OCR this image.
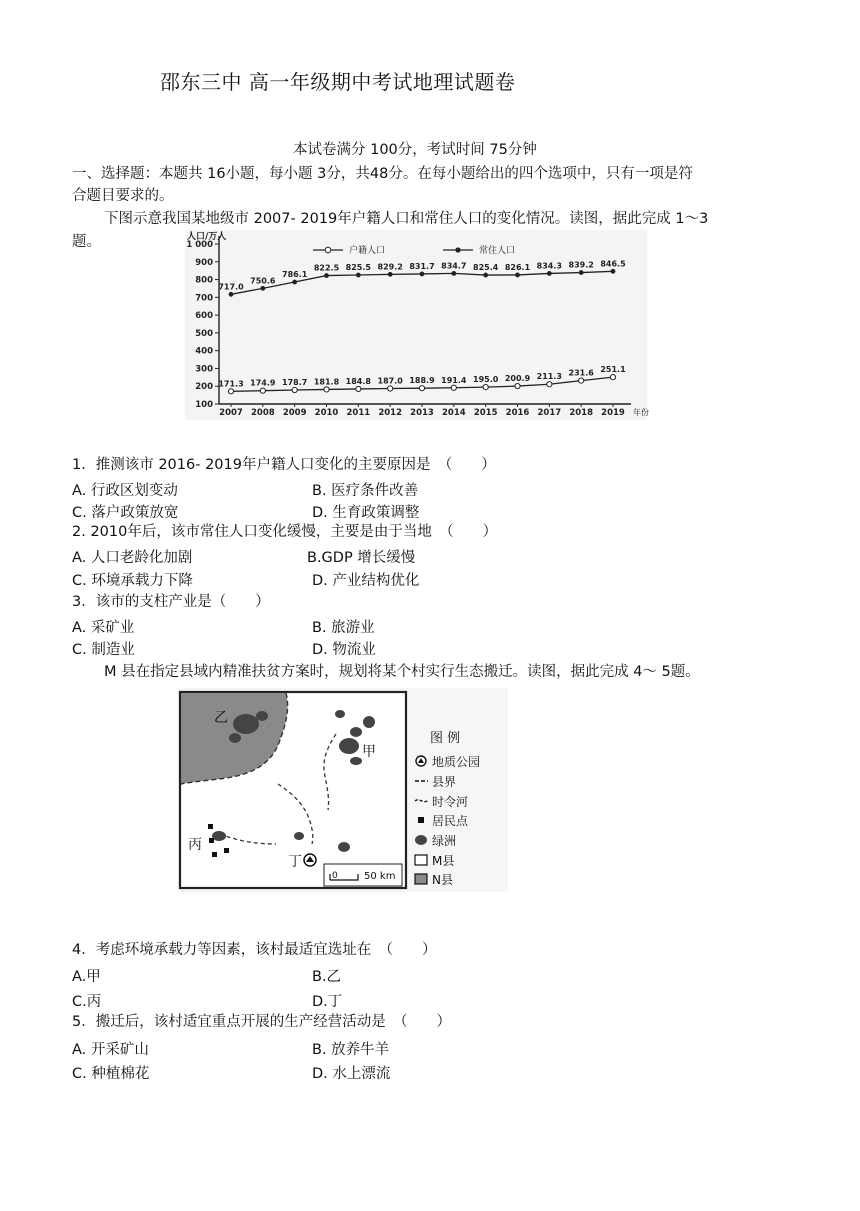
邵东三中 高一年级期中考试地理试题卷
本试卷满分 100分，考试时间 75分钟
一、选择题：本题共 16小题，每小题 3分，共48分。在每小题给出的四个选项中，只有一项是符
合题目要求的。
下图示意我国某地级市 2007- 2019年户籍人口和常住人口的变化情况。读图，据此完成 1～3
题。	1 000
900
800
700
600
500
400
300
200
100
2007 2008 2009 2010 2011 2012 2013 2014 2015 2016 2017 2018 2019
人口/万人
年份
户籍人口	常住人口
171.3 174.9 178.7 181.8 184.8 187.0 188.9 191.4 195.0 200.9 211.3 231.6 251.1
717.0
750.6
786.1
822.5 825.5 829.2 831.7 834.7 825.4 826.1 834.3 839.2 846.5
1．推测该市 2016- 2019年户籍人口变化的主要原因是　（　　）
A. 行政区划变动	B. 医疗条件改善
C. 落户政策放宽	D. 生育政策调整
2. 2010年后，该市常住人口变化缓慢，主要是由于当地　（　　）
A. 人口老龄化加剧	B.GDP 增长缓慢
C. 环境承载力下降	D. 产业结构优化
3．该市的支柱产业是（　　）
A. 采矿业	B. 旅游业
C. 制造业	D. 物流业
M 县在指定县域内精准扶贫方案时，规划将某个村实行生态搬迁。读图，据此完成 4～ 5题。
乙
甲
丙
丁
0	50 km
图 例
地质公园
县界
时令河
居民点
绿洲
M县
N县
4．考虑环境承载力等因素，该村最适宜选址在　（　　）
A.甲	B.乙
C.丙	D.丁
5．搬迁后，该村适宜重点开展的生产经营活动是　（　　）
A. 开采矿山	B. 放养牛羊
C. 种植棉花	D. 水上漂流
